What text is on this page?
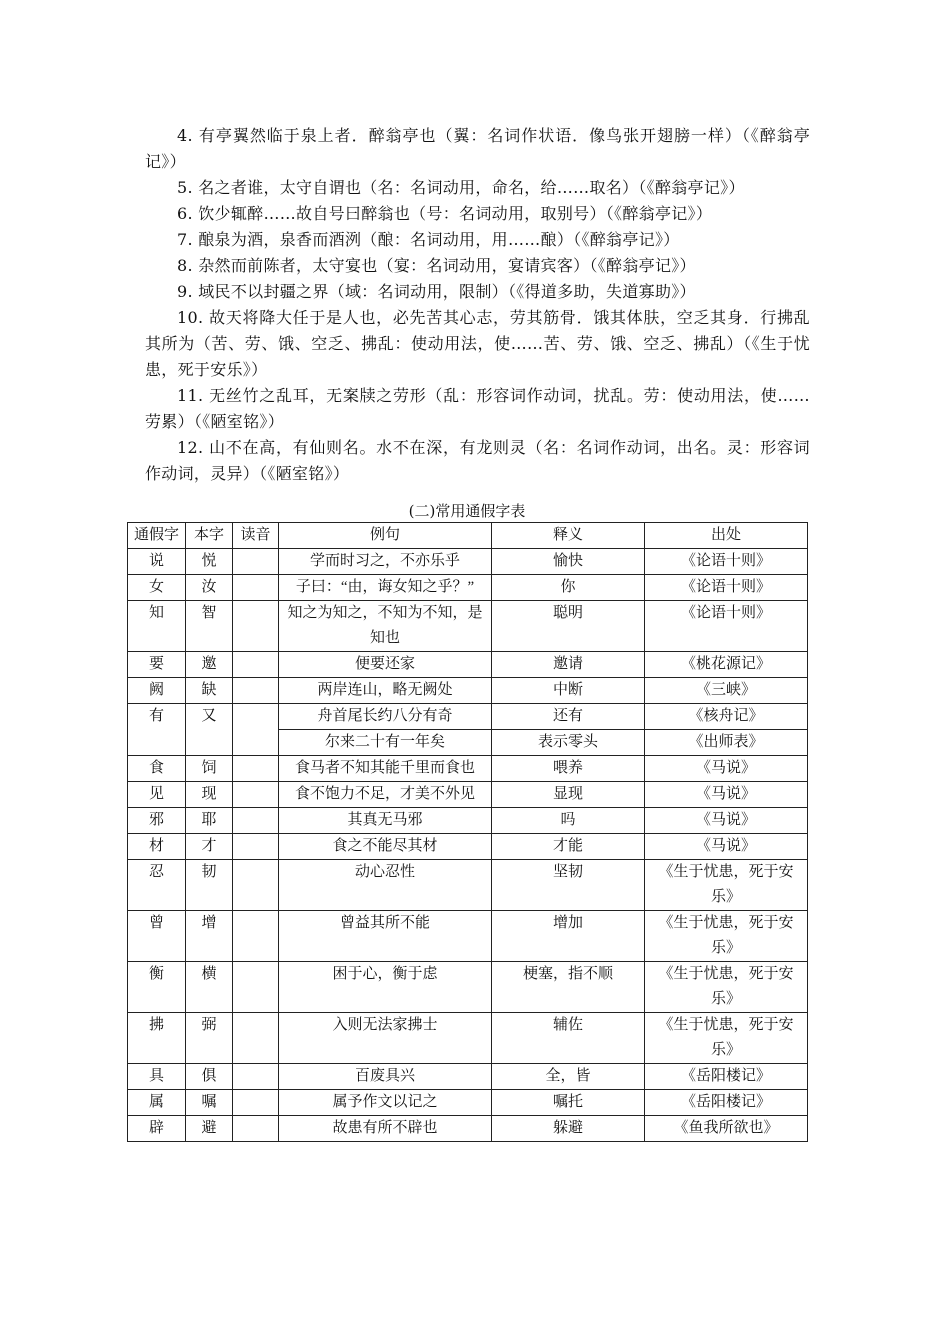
4. 有亭翼然临于泉上者．醉翁亭也（翼：名词作状语．像鸟张开翅膀一样）（《醉翁亭记》）

5. 名之者谁，太守自谓也（名：名词动用，命名，给……取名）（《醉翁亭记》）

6. 饮少辄醉……故自号曰醉翁也（号：名词动用，取别号）（《醉翁亭记》）

7. 酿泉为酒，泉香而酒洌（酿：名词动用，用……酿）（《醉翁亭记》）

8. 杂然而前陈者，太守宴也（宴：名词动用，宴请宾客）（《醉翁亭记》）

9. 域民不以封疆之界（域：名词动用，限制）（《得道多助，失道寡助》）

10. 故天将降大任于是人也，必先苦其心志，劳其筋骨．饿其体肤，空乏其身．行拂乱其所为（苦、劳、饿、空乏、拂乱：使动用法，使……苦、劳、饿、空乏、拂乱）（《生于忧患，死于安乐》）

11. 无丝竹之乱耳，无案牍之劳形（乱：形容词作动词，扰乱。劳：使动用法，使……劳累）（《陋室铭》）

12. 山不在高，有仙则名。水不在深，有龙则灵（名：名词作动词，出名。灵：形容词作动词，灵异）（《陋室铭》）

(二)常用通假字表
通假字	本字	读音	例句	释义	出处
说	悦		学而时习之，不亦乐乎	愉快	《论语十则》
女	汝		子曰：“由，诲女知之乎？”	你	《论语十则》
知	智		知之为知之，不知为不知，是知也	聪明	《论语十则》
要	邀		便要还家	邀请	《桃花源记》
阙	缺		两岸连山，略无阙处	中断	《三峡》
有	又		舟首尾长约八分有奇	还有	《核舟记》
			尔来二十有一年矣	表示零头	《出师表》
食	饲		食马者不知其能千里而食也	喂养	《马说》
见	现		食不饱力不足，才美不外见	显现	《马说》
邪	耶		其真无马邪	吗	《马说》
材	才		食之不能尽其材	才能	《马说》
忍	韧		动心忍性	坚韧	《生于忧患，死于安乐》
曾	增		曾益其所不能	增加	《生于忧患，死于安乐》
衡	横		困于心，衡于虑	梗塞，指不顺	《生于忧患，死于安乐》
拂	弼		入则无法家拂士	辅佐	《生于忧患，死于安乐》
具	俱		百废具兴	全，皆	《岳阳楼记》
属	嘱		属予作文以记之	嘱托	《岳阳楼记》
辟	避		故患有所不辟也	躲避	《鱼我所欲也》
